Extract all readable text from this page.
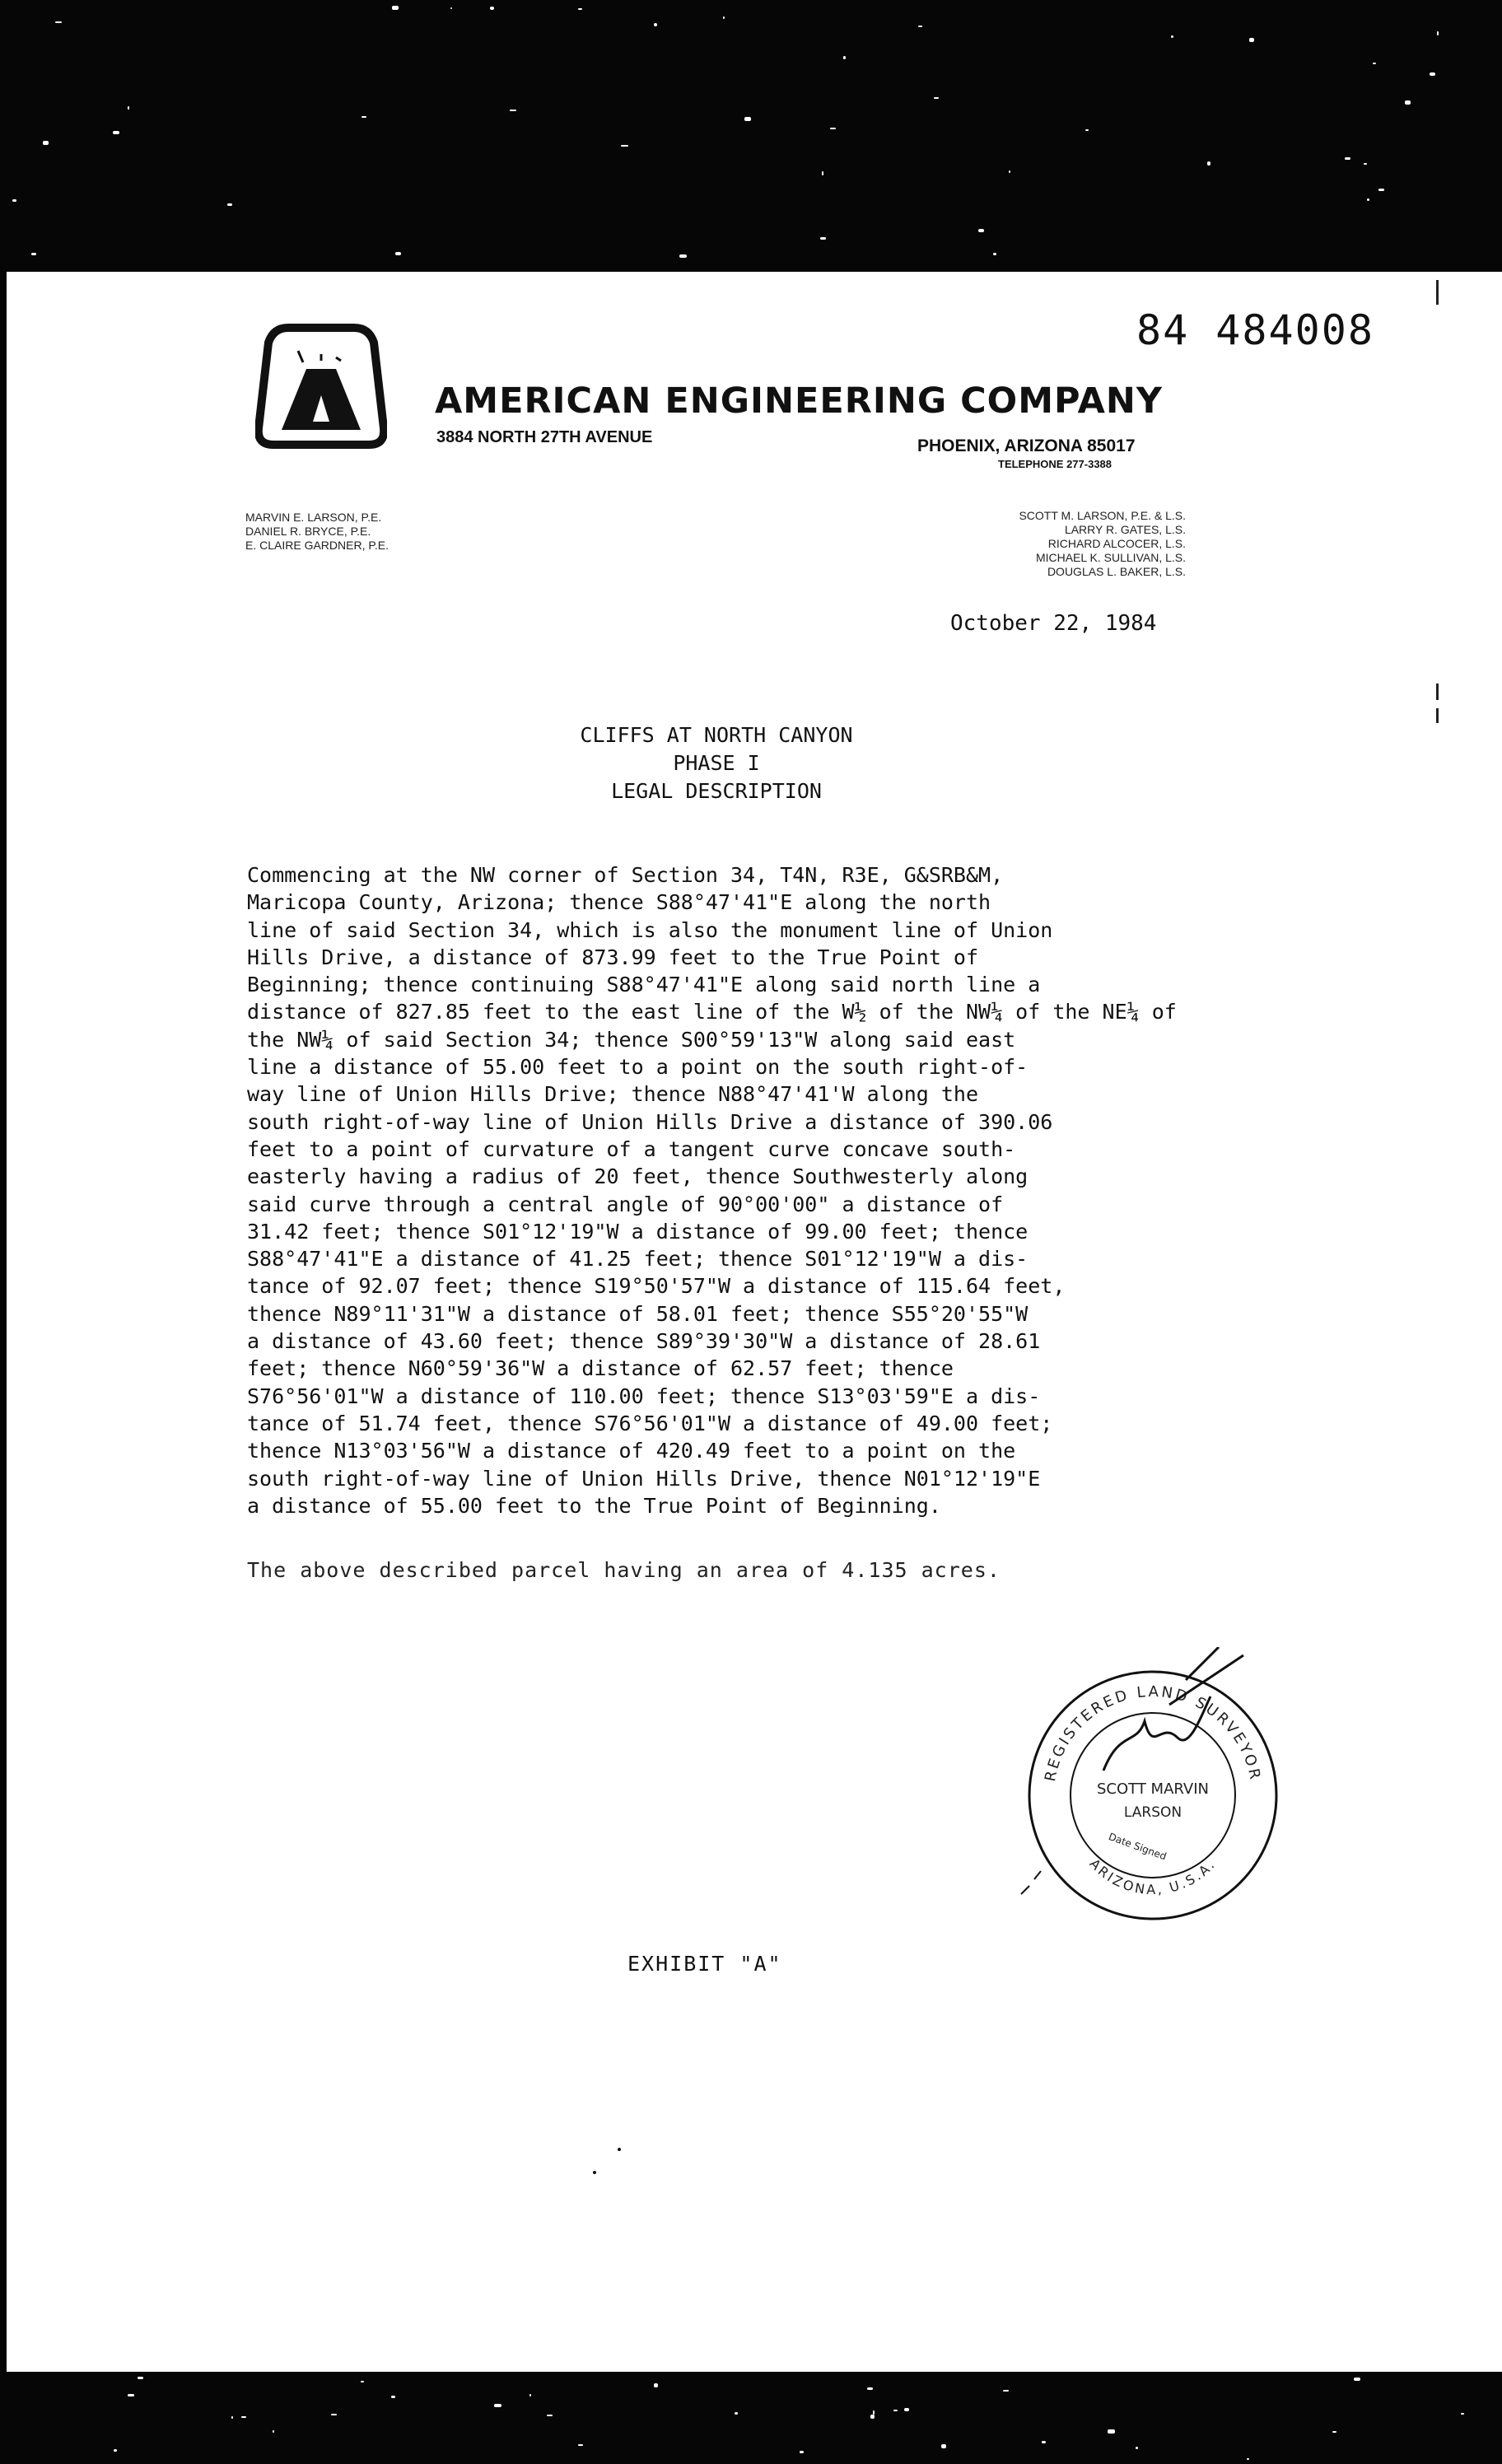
84 484008
AMERICAN ENGINEERING COMPANY
3884 NORTH 27TH AVENUE	PHOENIX, ARIZONA 85017
TELEPHONE 277-3388
MARVIN E. LARSON, P.E.
DANIEL R. BRYCE, P.E.
E. CLAIRE GARDNER, P.E.
SCOTT M. LARSON, P.E. & L.S.
LARRY R. GATES, L.S.
RICHARD ALCOCER, L.S.
MICHAEL K. SULLIVAN, L.S.
DOUGLAS L. BAKER, L.S.
October 22, 1984
CLIFFS AT NORTH CANYON
PHASE I
LEGAL DESCRIPTION
Commencing at the NW corner of Section 34, T4N, R3E, G&SRB&M,
Maricopa County, Arizona; thence S88°47'41"E along the north
line of said Section 34, which is also the monument line of Union
Hills Drive, a distance of 873.99 feet to the True Point of
Beginning; thence continuing S88°47'41"E along said north line a
distance of 827.85 feet to the east line of the W½ of the NW¼ of the NE¼ of
the NW¼ of said Section 34; thence S00°59'13"W along said east
line a distance of 55.00 feet to a point on the south right-of-
way line of Union Hills Drive; thence N88°47'41'W along the
south right-of-way line of Union Hills Drive a distance of 390.06
feet to a point of curvature of a tangent curve concave south-
easterly having a radius of 20 feet, thence Southwesterly along
said curve through a central angle of 90°00'00" a distance of
31.42 feet; thence S01°12'19"W a distance of 99.00 feet; thence
S88°47'41"E a distance of 41.25 feet; thence S01°12'19"W a dis-
tance of 92.07 feet; thence S19°50'57"W a distance of 115.64 feet,
thence N89°11'31"W a distance of 58.01 feet; thence S55°20'55"W
a distance of 43.60 feet; thence S89°39'30"W a distance of 28.61
feet; thence N60°59'36"W a distance of 62.57 feet; thence
S76°56'01"W a distance of 110.00 feet; thence S13°03'59"E a dis-
tance of 51.74 feet, thence S76°56'01"W a distance of 49.00 feet;
thence N13°03'56"W a distance of 420.49 feet to a point on the
south right-of-way line of Union Hills Drive, thence N01°12'19"E
a distance of 55.00 feet to the True Point of Beginning.
The above described parcel having an area of 4.135 acres.
REGISTERED LAND SURVEYOR
ARIZONA, U.S.A.
SCOTT MARVIN
LARSON
Date Signed
EXHIBIT "A"
